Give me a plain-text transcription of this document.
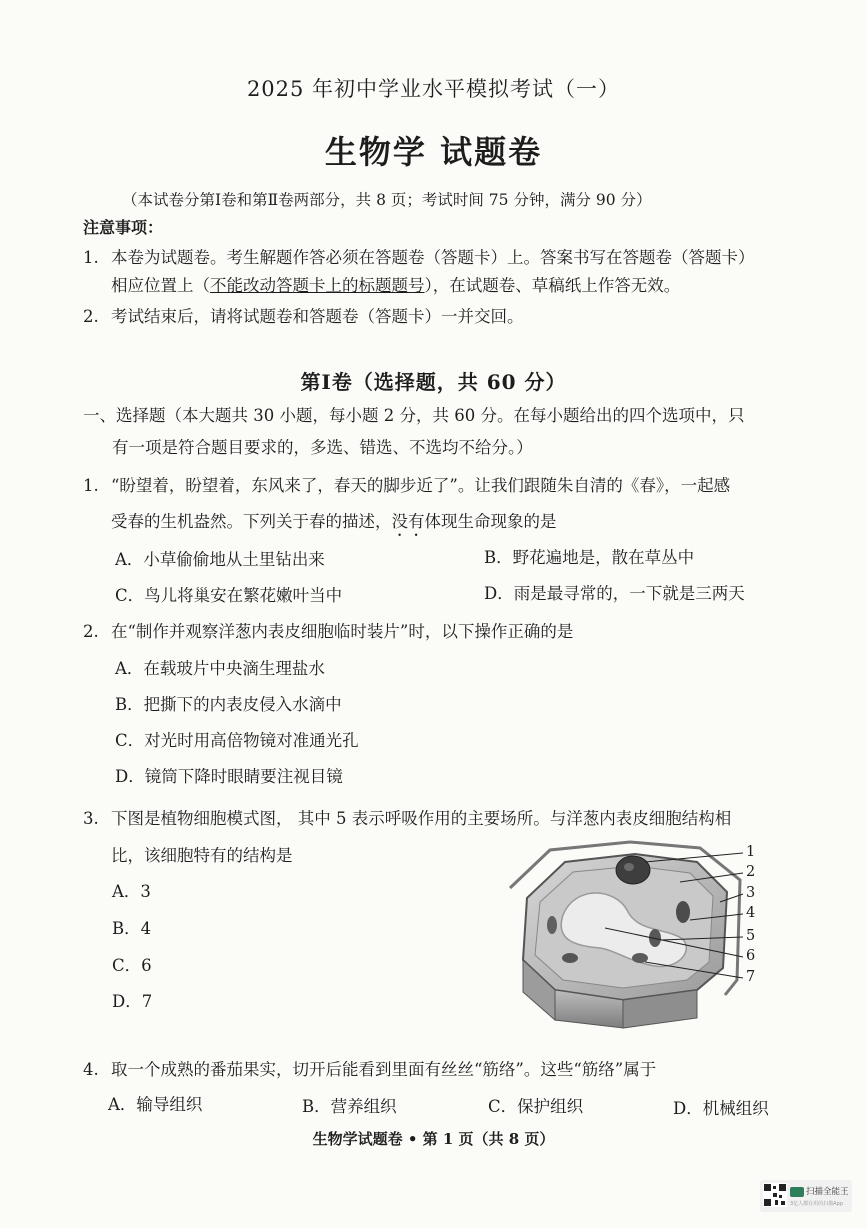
2025 年初中学业水平模拟考试（一）
生物学 试题卷
（本试卷分第Ⅰ卷和第Ⅱ卷两部分，共 8 页；考试时间 75 分钟，满分 90 分）
注意事项：
1. 本卷为试题卷。考生解题作答必须在答题卷（答题卡）上。答案书写在答题卷（答题卡）
相应位置上（不能改动答题卡上的标题题号），在试题卷、草稿纸上作答无效。
2. 考试结束后，请将试题卷和答题卷（答题卡）一并交回。
第Ⅰ卷（选择题，共 60 分）
一、选择题（本大题共 30 小题，每小题 2 分，共 60 分。在每小题给出的四个选项中，只
有一项是符合题目要求的，多选、错选、不选均不给分。）
1. “盼望着，盼望着，东风来了，春天的脚步近了”。让我们跟随朱自清的《春》，一起感
受春的生机盎然。下列关于春的描述，没有体现生命现象的是
A．小草偷偷地从土里钻出来	B．野花遍地是，散在草丛中
C．鸟儿将巢安在繁花嫩叶当中	D．雨是最寻常的，一下就是三两天
2. 在“制作并观察洋葱内表皮细胞临时装片”时，以下操作正确的是
A．在载玻片中央滴生理盐水
B．把撕下的内表皮侵入水滴中
C．对光时用高倍物镜对准通光孔
D．镜筒下降时眼睛要注视目镜
3. 下图是植物细胞模式图， 其中 5 表示呼吸作用的主要场所。与洋葱内表皮细胞结构相
比，该细胞特有的结构是
A．3
B．4
C．6
D．7
1
2
3
4
5
6
7
4. 取一个成熟的番茄果实，切开后能看到里面有丝丝“筋络”。这些“筋络”属于
A．输导组织	B．营养组织	C．保护组织	D．机械组织
生物学试题卷 • 第 1 页（共 8 页）
扫描全能王
3亿人都在用的扫描App
